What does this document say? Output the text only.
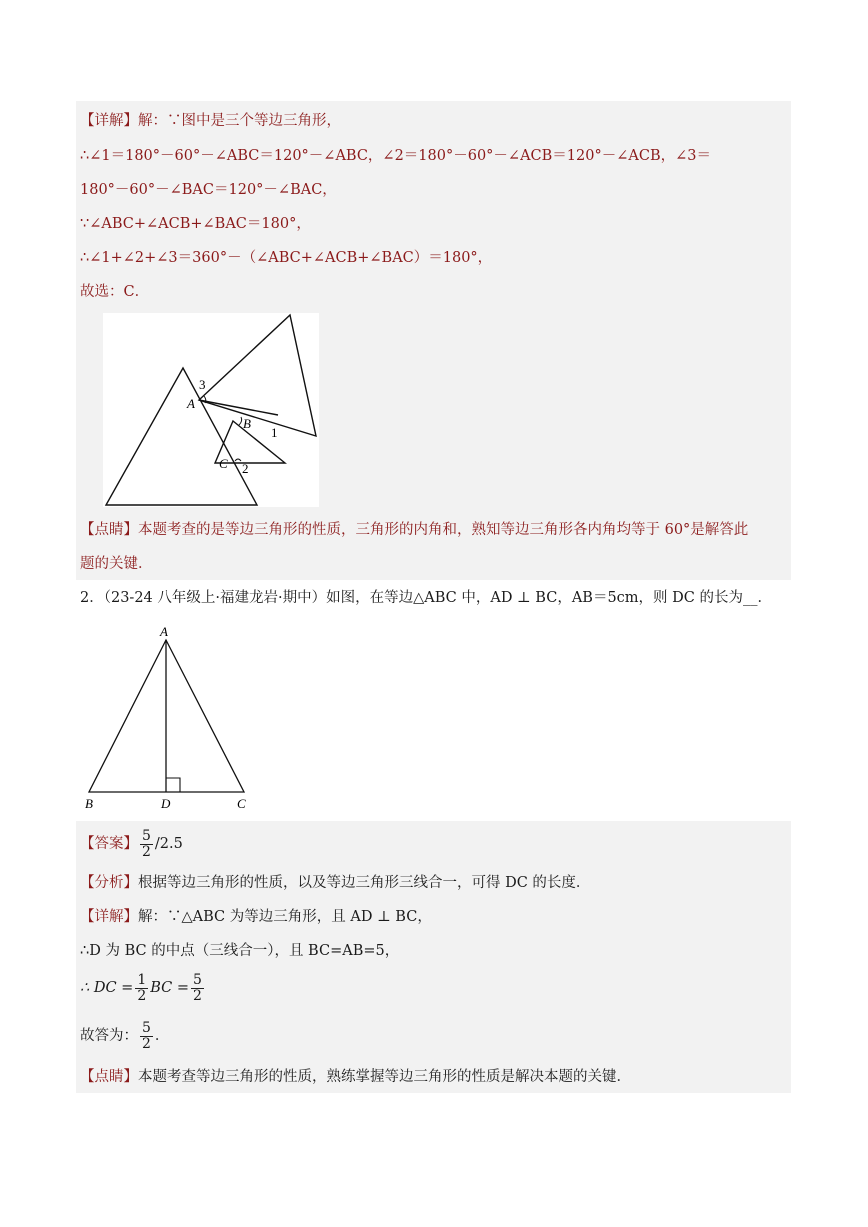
【详解】解：∵图中是三个等边三角形，
∴∠1＝180°－60°－∠ABC＝120°－∠ABC，∠2＝180°－60°－∠ACB＝120°－∠ACB，∠3＝
180°－60°－∠BAC＝120°－∠BAC，
∵∠ABC+∠ACB+∠BAC＝180°，
∴∠1+∠2+∠3＝360°－（∠ABC+∠ACB+∠BAC）＝180°，
故选：C．
A
3
B
1
C 2
【点睛】本题考查的是等边三角形的性质，三角形的内角和，熟知等边三角形各内角均等于 60°是解答此
题的关键．
2．（23-24 八年级上·福建龙岩·期中）如图，在等边△ABC 中，AD ⊥ BC，AB＝5cm，则 DC 的长为__．
A
B	D	C
【答案】 $\frac{5}{2} /2.5$
【分析】根据等边三角形的性质，以及等边三角形三线合一，可得 DC 的长度．
【详解】解：∵△ABC 为等边三角形，且 AD ⊥ BC，
∴D 为 BC 的中点（三线合一），且 BC=AB=5，
∴ DC = $\frac{1}{2}$ BC = $\frac{5}{2}$
故答为： $\frac{5}{2}$ ．
【点睛】本题考查等边三角形的性质，熟练掌握等边三角形的性质是解决本题的关键．
